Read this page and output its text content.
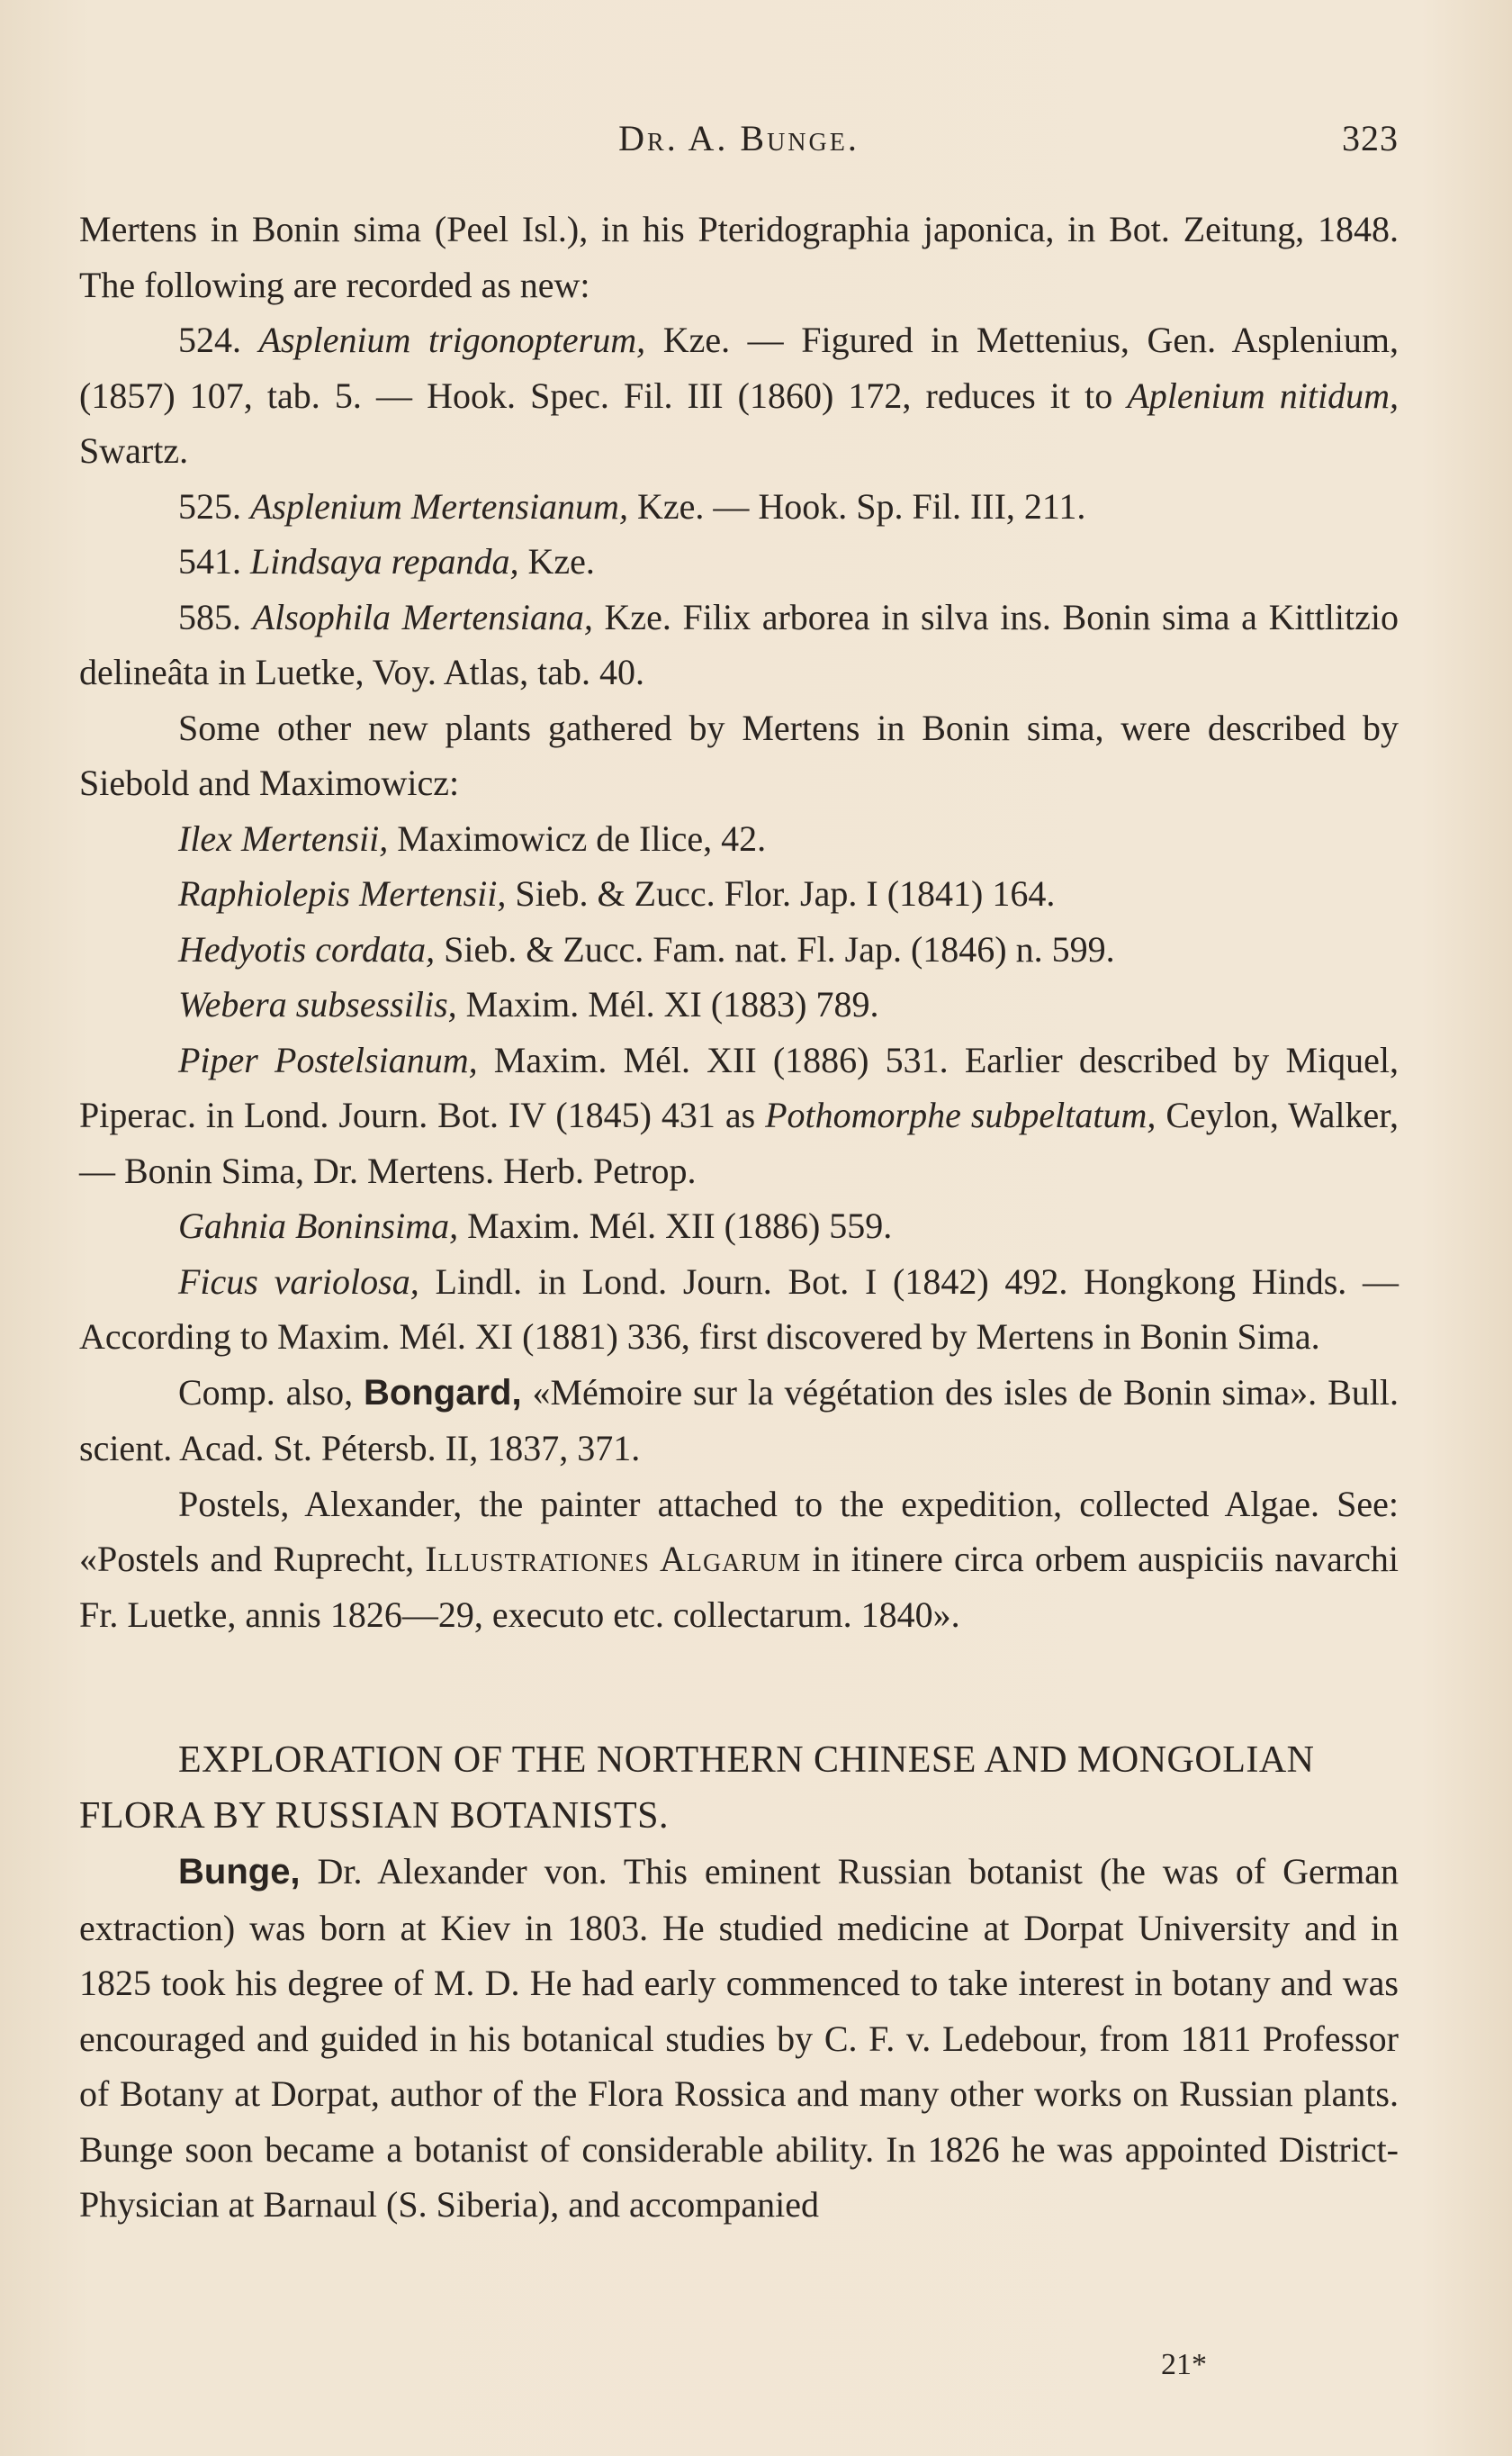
Dr. A. Bunge.	323

Mertens in Bonin sima (Peel Isl.), in his Pteridographia japonica, in Bot. Zeitung, 1848. The following are recorded as new:

524. Asplenium trigonopterum, Kze. — Figured in Mettenius, Gen. Asplenium, (1857) 107, tab. 5. — Hook. Spec. Fil. III (1860) 172, reduces it to Aplenium nitidum, Swartz.

525. Asplenium Mertensianum, Kze. — Hook. Sp. Fil. III, 211.

541. Lindsaya repanda, Kze.

585. Alsophila Mertensiana, Kze. Filix arborea in silva ins. Bonin sima a Kittlitzio delineâta in Luetke, Voy. Atlas, tab. 40.

Some other new plants gathered by Mertens in Bonin sima, were described by Siebold and Maximowicz:

Ilex Mertensii, Maximowicz de Ilice, 42.

Raphiolepis Mertensii, Sieb. & Zucc. Flor. Jap. I (1841) 164.

Hedyotis cordata, Sieb. & Zucc. Fam. nat. Fl. Jap. (1846) n. 599.

Webera subsessilis, Maxim. Mél. XI (1883) 789.

Piper Postelsianum, Maxim. Mél. XII (1886) 531. Earlier described by Miquel, Piperac. in Lond. Journ. Bot. IV (1845) 431 as Pothomorphe subpeltatum, Ceylon, Walker, — Bonin Sima, Dr. Mertens. Herb. Petrop.

Gahnia Boninsima, Maxim. Mél. XII (1886) 559.

Ficus variolosa, Lindl. in Lond. Journ. Bot. I (1842) 492. Hongkong Hinds. — According to Maxim. Mél. XI (1881) 336, first discovered by Mertens in Bonin Sima.

Comp. also, Bongard, «Mémoire sur la végétation des isles de Bonin sima». Bull. scient. Acad. St. Pétersb. II, 1837, 371.

Postels, Alexander, the painter attached to the expedition, collected Algae. See: «Postels and Ruprecht, Illustrationes Algarum in itinere circa orbem auspiciis navarchi Fr. Luetke, annis 1826—29, executo etc. collectarum. 1840».

EXPLORATION OF THE NORTHERN CHINESE AND MONGOLIAN FLORA BY RUSSIAN BOTANISTS.

Bunge, Dr. Alexander von. This eminent Russian botanist (he was of German extraction) was born at Kiev in 1803. He studied medicine at Dorpat University and in 1825 took his degree of M. D. He had early commenced to take interest in botany and was encouraged and guided in his botanical studies by C. F. v. Ledebour, from 1811 Professor of Botany at Dorpat, author of the Flora Rossica and many other works on Russian plants. Bunge soon became a botanist of considerable ability. In 1826 he was appointed District-Physician at Barnaul (S. Siberia), and accompanied

21*
